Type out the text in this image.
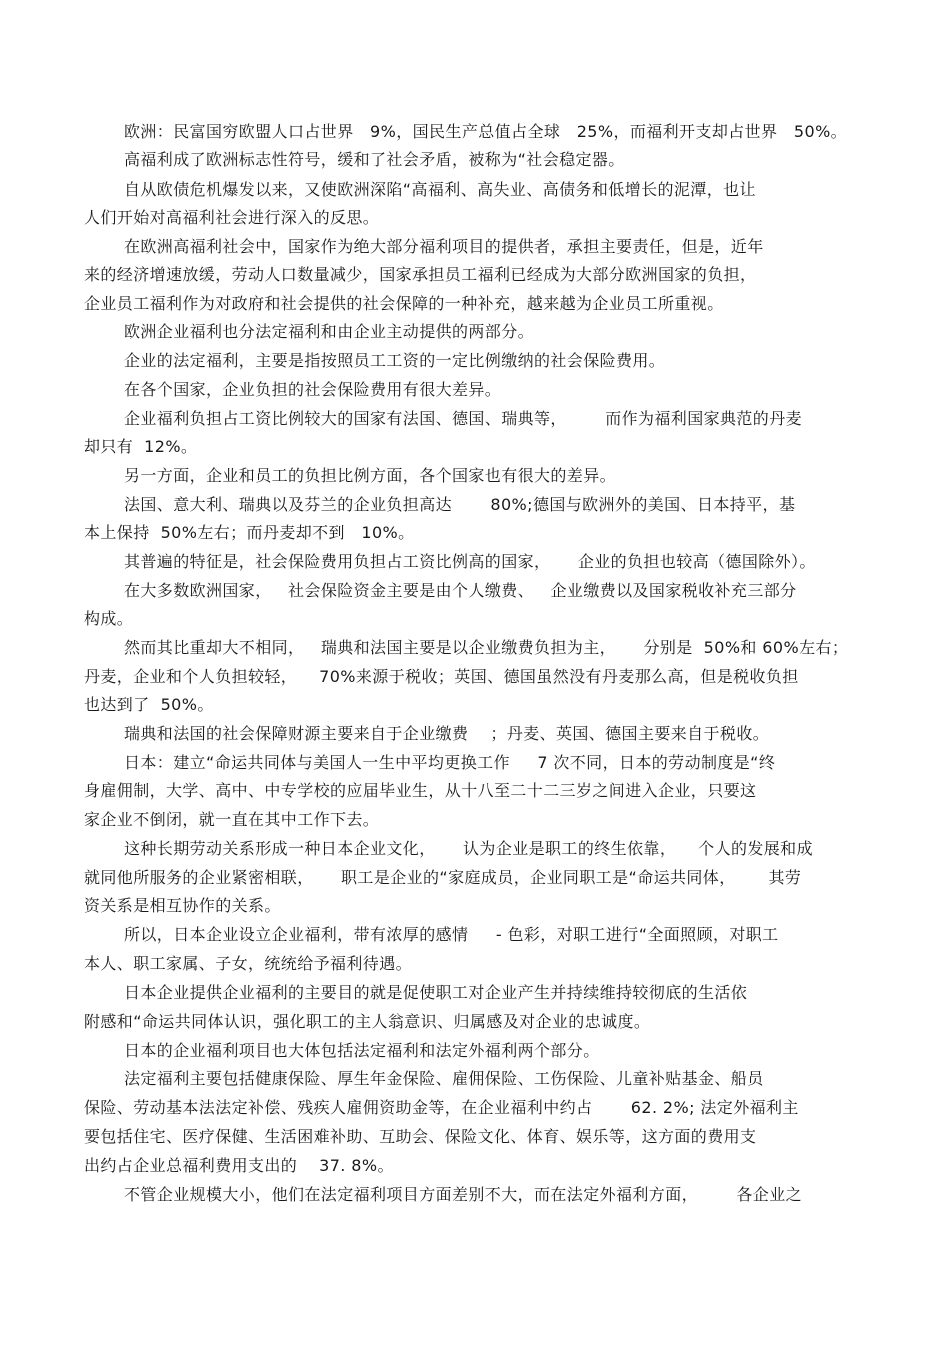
欧洲：民富国穷欧盟人口占世界   9%，国民生产总值占全球   25%，而福利开支却占世界   50%。
高福利成了欧洲标志性符号，缓和了社会矛盾，被称为“社会稳定器。
自从欧债危机爆发以来，又使欧洲深陷“高福利、高失业、高债务和低增长的泥潭，也让
人们开始对高福利社会进行深入的反思。
在欧洲高福利社会中，国家作为绝大部分福利项目的提供者，承担主要责任，但是，近年
来的经济增速放缓，劳动人口数量减少，国家承担员工福利已经成为大部分欧洲国家的负担，
企业员工福利作为对政府和社会提供的社会保障的一种补充，越来越为企业员工所重视。
欧洲企业福利也分法定福利和由企业主动提供的两部分。
企业的法定福利，主要是指按照员工工资的一定比例缴纳的社会保险费用。
在各个国家，企业负担的社会保险费用有很大差异。
企业福利负担占工资比例较大的国家有法国、德国、瑞典等，       而作为福利国家典范的丹麦
却只有  12%。
另一方面，企业和员工的负担比例方面，各个国家也有很大的差异。
法国、意大利、瑞典以及芬兰的企业负担高达       80%;德国与欧洲外的美国、日本持平，基
本上保持  50%左右；而丹麦却不到   10%。
其普遍的特征是，社会保险费用负担占工资比例高的国家，     企业的负担也较高（德国除外）。
在大多数欧洲国家，   社会保险资金主要是由个人缴费、   企业缴费以及国家税收补充三部分
构成。
然而其比重却大不相同，   瑞典和法国主要是以企业缴费负担为主，     分别是  50%和 60%左右；
丹麦，企业和个人负担较轻，    70%来源于税收；英国、德国虽然没有丹麦那么高，但是税收负担
也达到了  50%。
瑞典和法国的社会保障财源主要来自于企业缴费    ；丹麦、英国、德国主要来自于税收。
日本：建立“命运共同体与美国人一生中平均更换工作     7 次不同，日本的劳动制度是“终
身雇佣制，大学、高中、中专学校的应届毕业生，从十八至二十二三岁之间进入企业，只要这
家企业不倒闭，就一直在其中工作下去。
这种长期劳动关系形成一种日本企业文化，     认为企业是职工的终生依靠，    个人的发展和成
就同他所服务的企业紧密相联，     职工是企业的“家庭成员，企业同职工是“命运共同体，      其劳
资关系是相互协作的关系。
所以，日本企业设立企业福利，带有浓厚的感情     - 色彩，对职工进行“全面照顾，对职工
本人、职工家属、子女，统统给予福利待遇。
日本企业提供企业福利的主要目的就是促使职工对企业产生并持续维持较彻底的生活依
附感和“命运共同体认识，强化职工的主人翁意识、归属感及对企业的忠诚度。
日本的企业福利项目也大体包括法定福利和法定外福利两个部分。
法定福利主要包括健康保险、厚生年金保险、雇佣保险、工伤保险、儿童补贴基金、船员
保险、劳动基本法法定补偿、残疾人雇佣资助金等，在企业福利中约占       62. 2%; 法定外福利主
要包括住宅、医疗保健、生活困难补助、互助会、保险文化、体育、娱乐等，这方面的费用支
出约占企业总福利费用支出的    37. 8%。
不管企业规模大小，他们在法定福利项目方面差别不大，而在法定外福利方面，       各企业之
